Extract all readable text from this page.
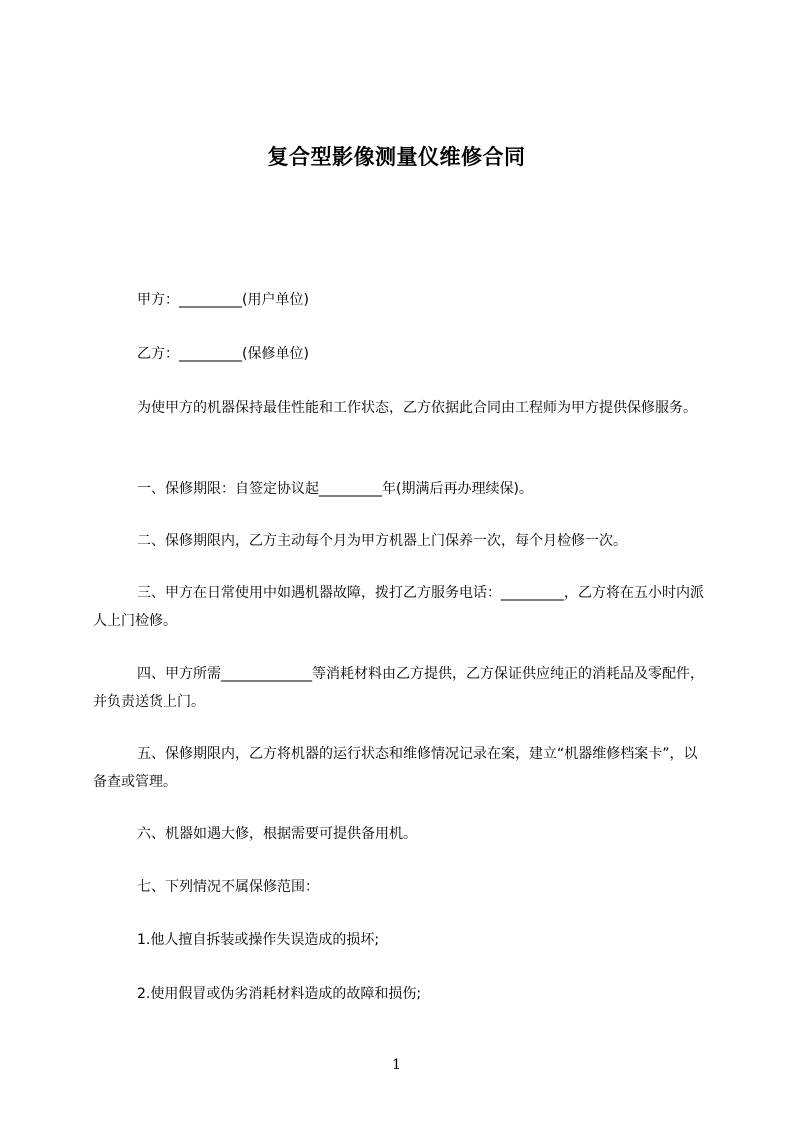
复合型影像测量仪维修合同
甲方：_________(用户单位)
乙方：_________(保修单位)
为使甲方的机器保持最佳性能和工作状态，乙方依据此合同由工程师为甲方提供保修服务。
一、保修期限：自签定协议起_________年(期满后再办理续保)。
二、保修期限内，乙方主动每个月为甲方机器上门保养一次，每个月检修一次。
三、甲方在日常使用中如遇机器故障，拨打乙方服务电话：_________，乙方将在五小时内派人上门检修。
四、甲方所需_____________等消耗材料由乙方提供，乙方保证供应纯正的消耗品及零配件，并负责送货上门。
五、保修期限内，乙方将机器的运行状态和维修情况记录在案，建立“机器维修档案卡”，以备查或管理。
六、机器如遇大修，根据需要可提供备用机。
七、下列情况不属保修范围：
1.他人擅自拆装或操作失误造成的损坏;
2.使用假冒或伪劣消耗材料造成的故障和损伤;
1
